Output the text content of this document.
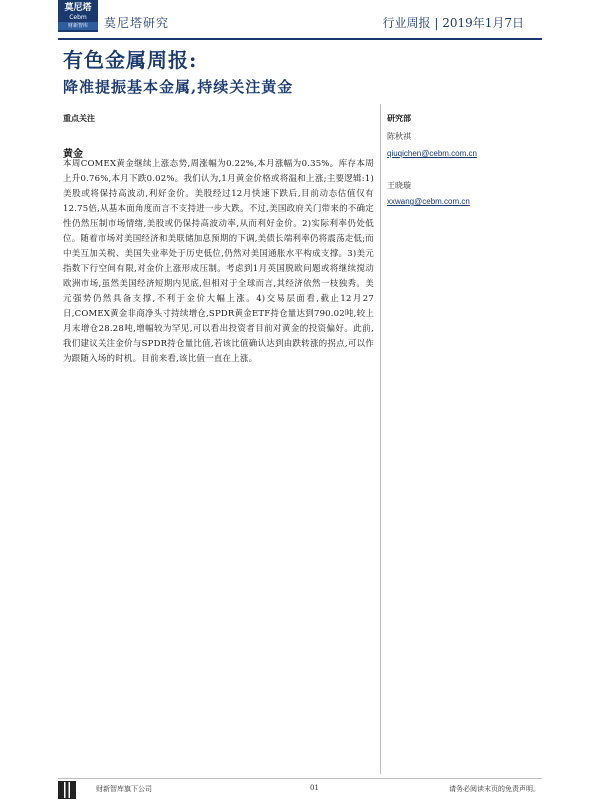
莫尼塔
Cebm
财新智库	莫尼塔研究	行业周报 | 2019年1月7日
有色金属周报:
降准提振基本金属,持续关注黄金
重点关注
黄金
本周COMEX黄金继续上涨态势,周涨幅为0.22%,本月涨幅为0.35%。库存本周上升0.76%,本月下跌0.02%。我们认为,1月黄金价格或将温和上涨;主要逻辑:1)美股或将保持高波动,利好金价。美股经过12月快速下跌后,目前动态估值仅有12.75倍,从基本面角度而言不支持进一步大跌。不过,美国政府关门带来的不确定性仍然压制市场情绪,美股或仍保持高波动率,从而利好金价。2)实际利率仍处低位。随着市场对美国经济和美联储加息预期的下调,美债长端利率仍将震荡走低;而中美互加关税、美国失业率处于历史低位,仍然对美国通胀水平构成支撑。3)美元指数下行空间有限,对金价上涨形成压制。考虑到1月英国脱欧问题或将继续搅动欧洲市场,虽然美国经济短期内见底,但相对于全球而言,其经济依然一枝独秀。美元强势仍然具备支撑,不利于金价大幅上涨。4)交易层面看,截止12月27日,COMEX黄金非商净头寸持续增仓,SPDR黄金ETF持仓量达到790.02吨,较上月末增仓28.28吨,增幅较为罕见,可以看出投资者目前对黄金的投资偏好。此前,我们建议关注金价与SPDR持仓量比值,若该比值确认达到由跌转涨的拐点,可以作为跟随入场的时机。目前来看,该比值一直在上涨。
研究部
陈秋祺
qiuqichen@cebm.com.cn
王晓璇
xxwang@cebm.com.cn
财新智库旗下公司	01	请务必阅读末页的免责声明。
